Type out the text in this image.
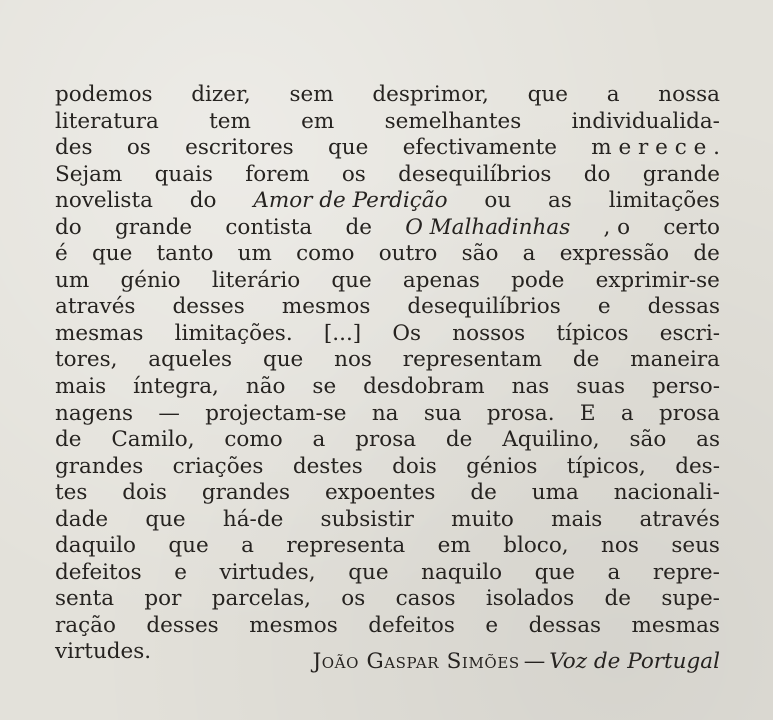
podemos dizer, sem desprimor, que a nossa
literatura tem em semelhantes individualida-
des os escritores que efectivamente m e r e c e .
Sejam quais forem os desequilíbrios do grande
novelista do Amor de Perdição ou as limitações
do grande contista de O Malhadinhas , o certo
é que tanto um como outro são a expressão de
um génio literário que apenas pode exprimir-se
através desses mesmos desequilíbrios e dessas
mesmas limitações. [...] Os nossos típicos escri-
tores, aqueles que nos representam de maneira
mais íntegra, não se desdobram nas suas perso-
nagens — projectam-se na sua prosa. E a prosa
de Camilo, como a prosa de Aquilino, são as
grandes criações destes dois génios típicos, des-
tes dois grandes expoentes de uma nacionali-
dade que há-de subsistir muito mais através
daquilo que a representa em bloco, nos seus
defeitos e virtudes, que naquilo que a repre-
senta por parcelas, os casos isolados de supe-
ração desses mesmos defeitos e dessas mesmas
virtudes.	João Gaspar Simões — Voz de Portugal
